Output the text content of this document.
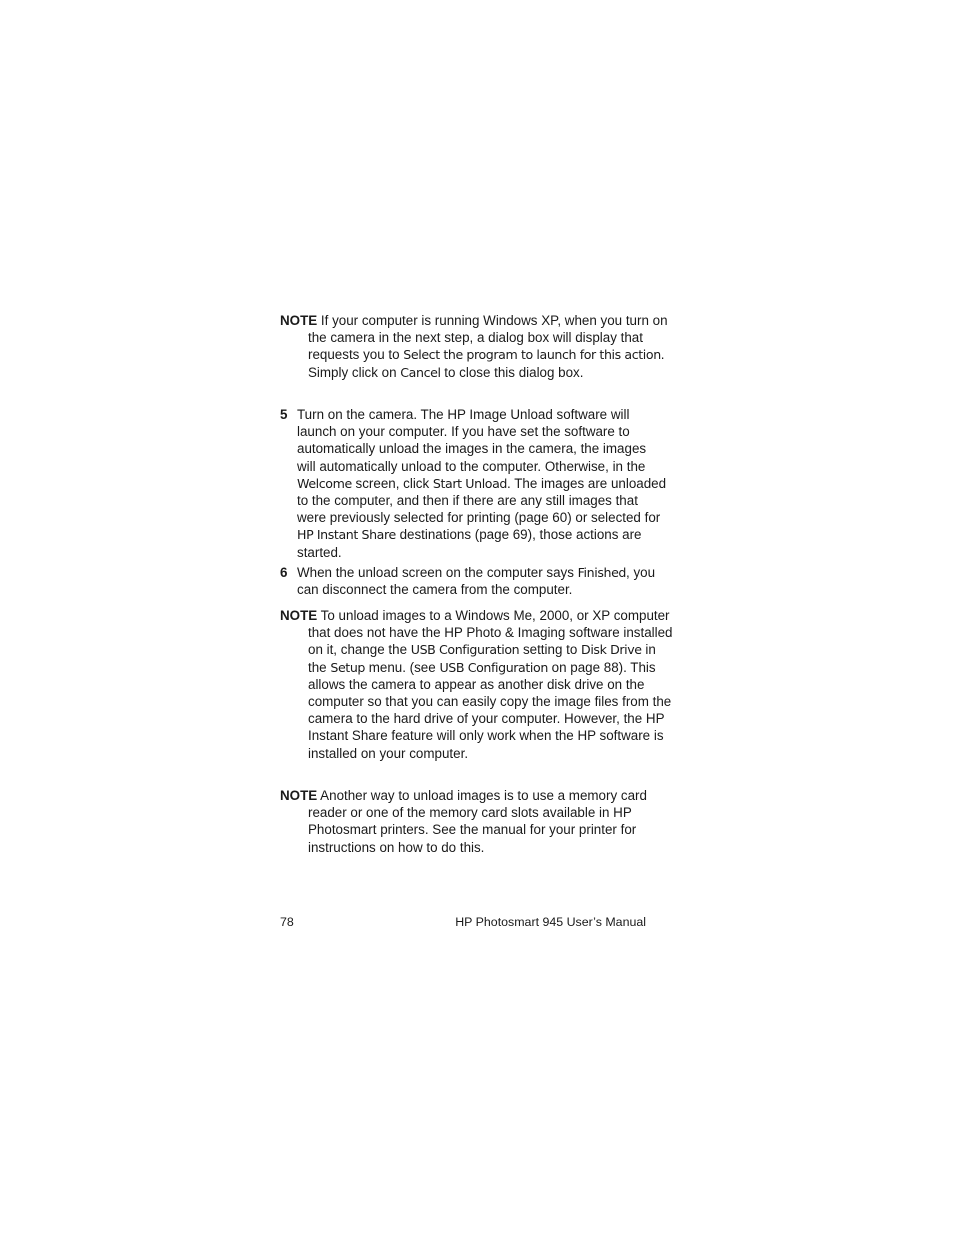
NOTE If your computer is running Windows XP, when you turn on the camera in the next step, a dialog box will display that requests you to Select the program to launch for this action. Simply click on Cancel to close this dialog box.

5 Turn on the camera. The HP Image Unload software will launch on your computer. If you have set the software to automatically unload the images in the camera, the images will automatically unload to the computer. Otherwise, in the Welcome screen, click Start Unload. The images are unloaded to the computer, and then if there are any still images that were previously selected for printing (page 60) or selected for HP Instant Share destinations (page 69), those actions are started.

6 When the unload screen on the computer says Finished, you can disconnect the camera from the computer.

NOTE To unload images to a Windows Me, 2000, or XP computer that does not have the HP Photo & Imaging software installed on it, change the USB Configuration setting to Disk Drive in the Setup menu. (see USB Configuration on page 88). This allows the camera to appear as another disk drive on the computer so that you can easily copy the image files from the camera to the hard drive of your computer. However, the HP Instant Share feature will only work when the HP software is installed on your computer.

NOTE Another way to unload images is to use a memory card reader or one of the memory card slots available in HP Photosmart printers. See the manual for your printer for instructions on how to do this.

78	HP Photosmart 945 User’s Manual
